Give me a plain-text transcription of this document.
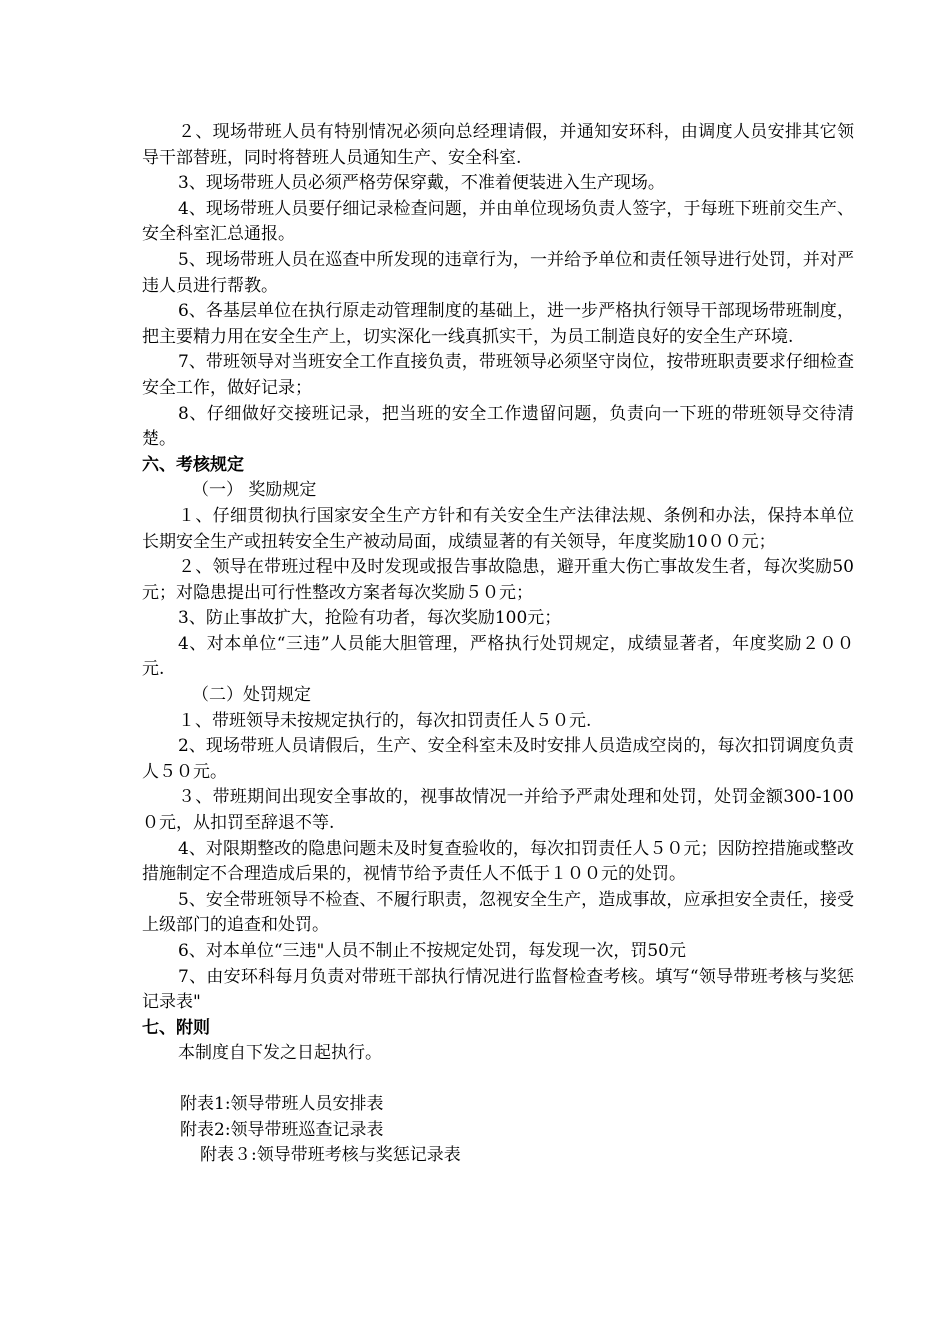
２、现场带班人员有特别情况必须向总经理请假，并通知安环科，由调度人员安排其它领导干部替班，同时将替班人员通知生产、安全科室.

3、现场带班人员必须严格劳保穿戴，不准着便装进入生产现场。

4、现场带班人员要仔细记录检查问题，并由单位现场负责人签字，于每班下班前交生产、安全科室汇总通报。

5、现场带班人员在巡查中所发现的违章行为，一并给予单位和责任领导进行处罚，并对严违人员进行帮教。

6、各基层单位在执行原走动管理制度的基础上，进一步严格执行领导干部现场带班制度，把主要精力用在安全生产上，切实深化一线真抓实干，为员工制造良好的安全生产环境.

7、带班领导对当班安全工作直接负责，带班领导必须坚守岗位，按带班职责要求仔细检查安全工作，做好记录；

8、仔细做好交接班记录，把当班的安全工作遗留问题，负责向一下班的带班领导交待清楚。

六、考核规定

（一） 奖励规定

１、仔细贯彻执行国家安全生产方针和有关安全生产法律法规、条例和办法，保持本单位长期安全生产或扭转安全生产被动局面，成绩显著的有关领导，年度奖励10００元；

２、领导在带班过程中及时发现或报告事故隐患，避开重大伤亡事故发生者，每次奖励50元；对隐患提出可行性整改方案者每次奖励５０元；

3、防止事故扩大，抢险有功者，每次奖励100元；

4、对本单位“三违”人员能大胆管理，严格执行处罚规定，成绩显著者，年度奖励２００元.

（二）处罚规定

１、带班领导未按规定执行的，每次扣罚责任人５０元.

2、现场带班人员请假后，生产、安全科室未及时安排人员造成空岗的，每次扣罚调度负责人５０元。

３、带班期间出现安全事故的，视事故情况一并给予严肃处理和处罚，处罚金额300-100０元，从扣罚至辞退不等.

4、对限期整改的隐患问题未及时复查验收的，每次扣罚责任人５０元；因防控措施或整改措施制定不合理造成后果的，视情节给予责任人不低于１００元的处罚。

5、安全带班领导不检查、不履行职责，忽视安全生产，造成事故，应承担安全责任，接受上级部门的追查和处罚。

6、对本单位“三违"人员不制止不按规定处罚，每发现一次，罚50元

7、由安环科每月负责对带班干部执行情况进行监督检查考核。填写“领导带班考核与奖惩记录表"

七、附则

本制度自下发之日起执行。

附表1:领导带班人员安排表

附表2:领导带班巡查记录表

附表３:领导带班考核与奖惩记录表
